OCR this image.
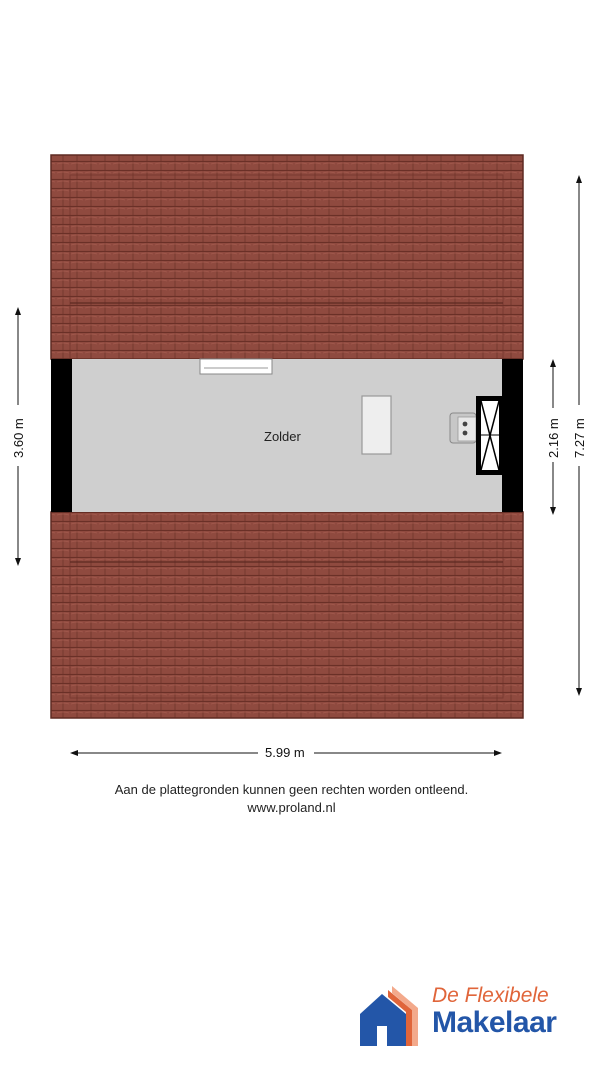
Zolder
5.99 m
7.27 m
2.16 m
3.60 m
Aan de plattegronden kunnen geen rechten worden ontleend.
www.proland.nl
De Flexibele
Makelaar
